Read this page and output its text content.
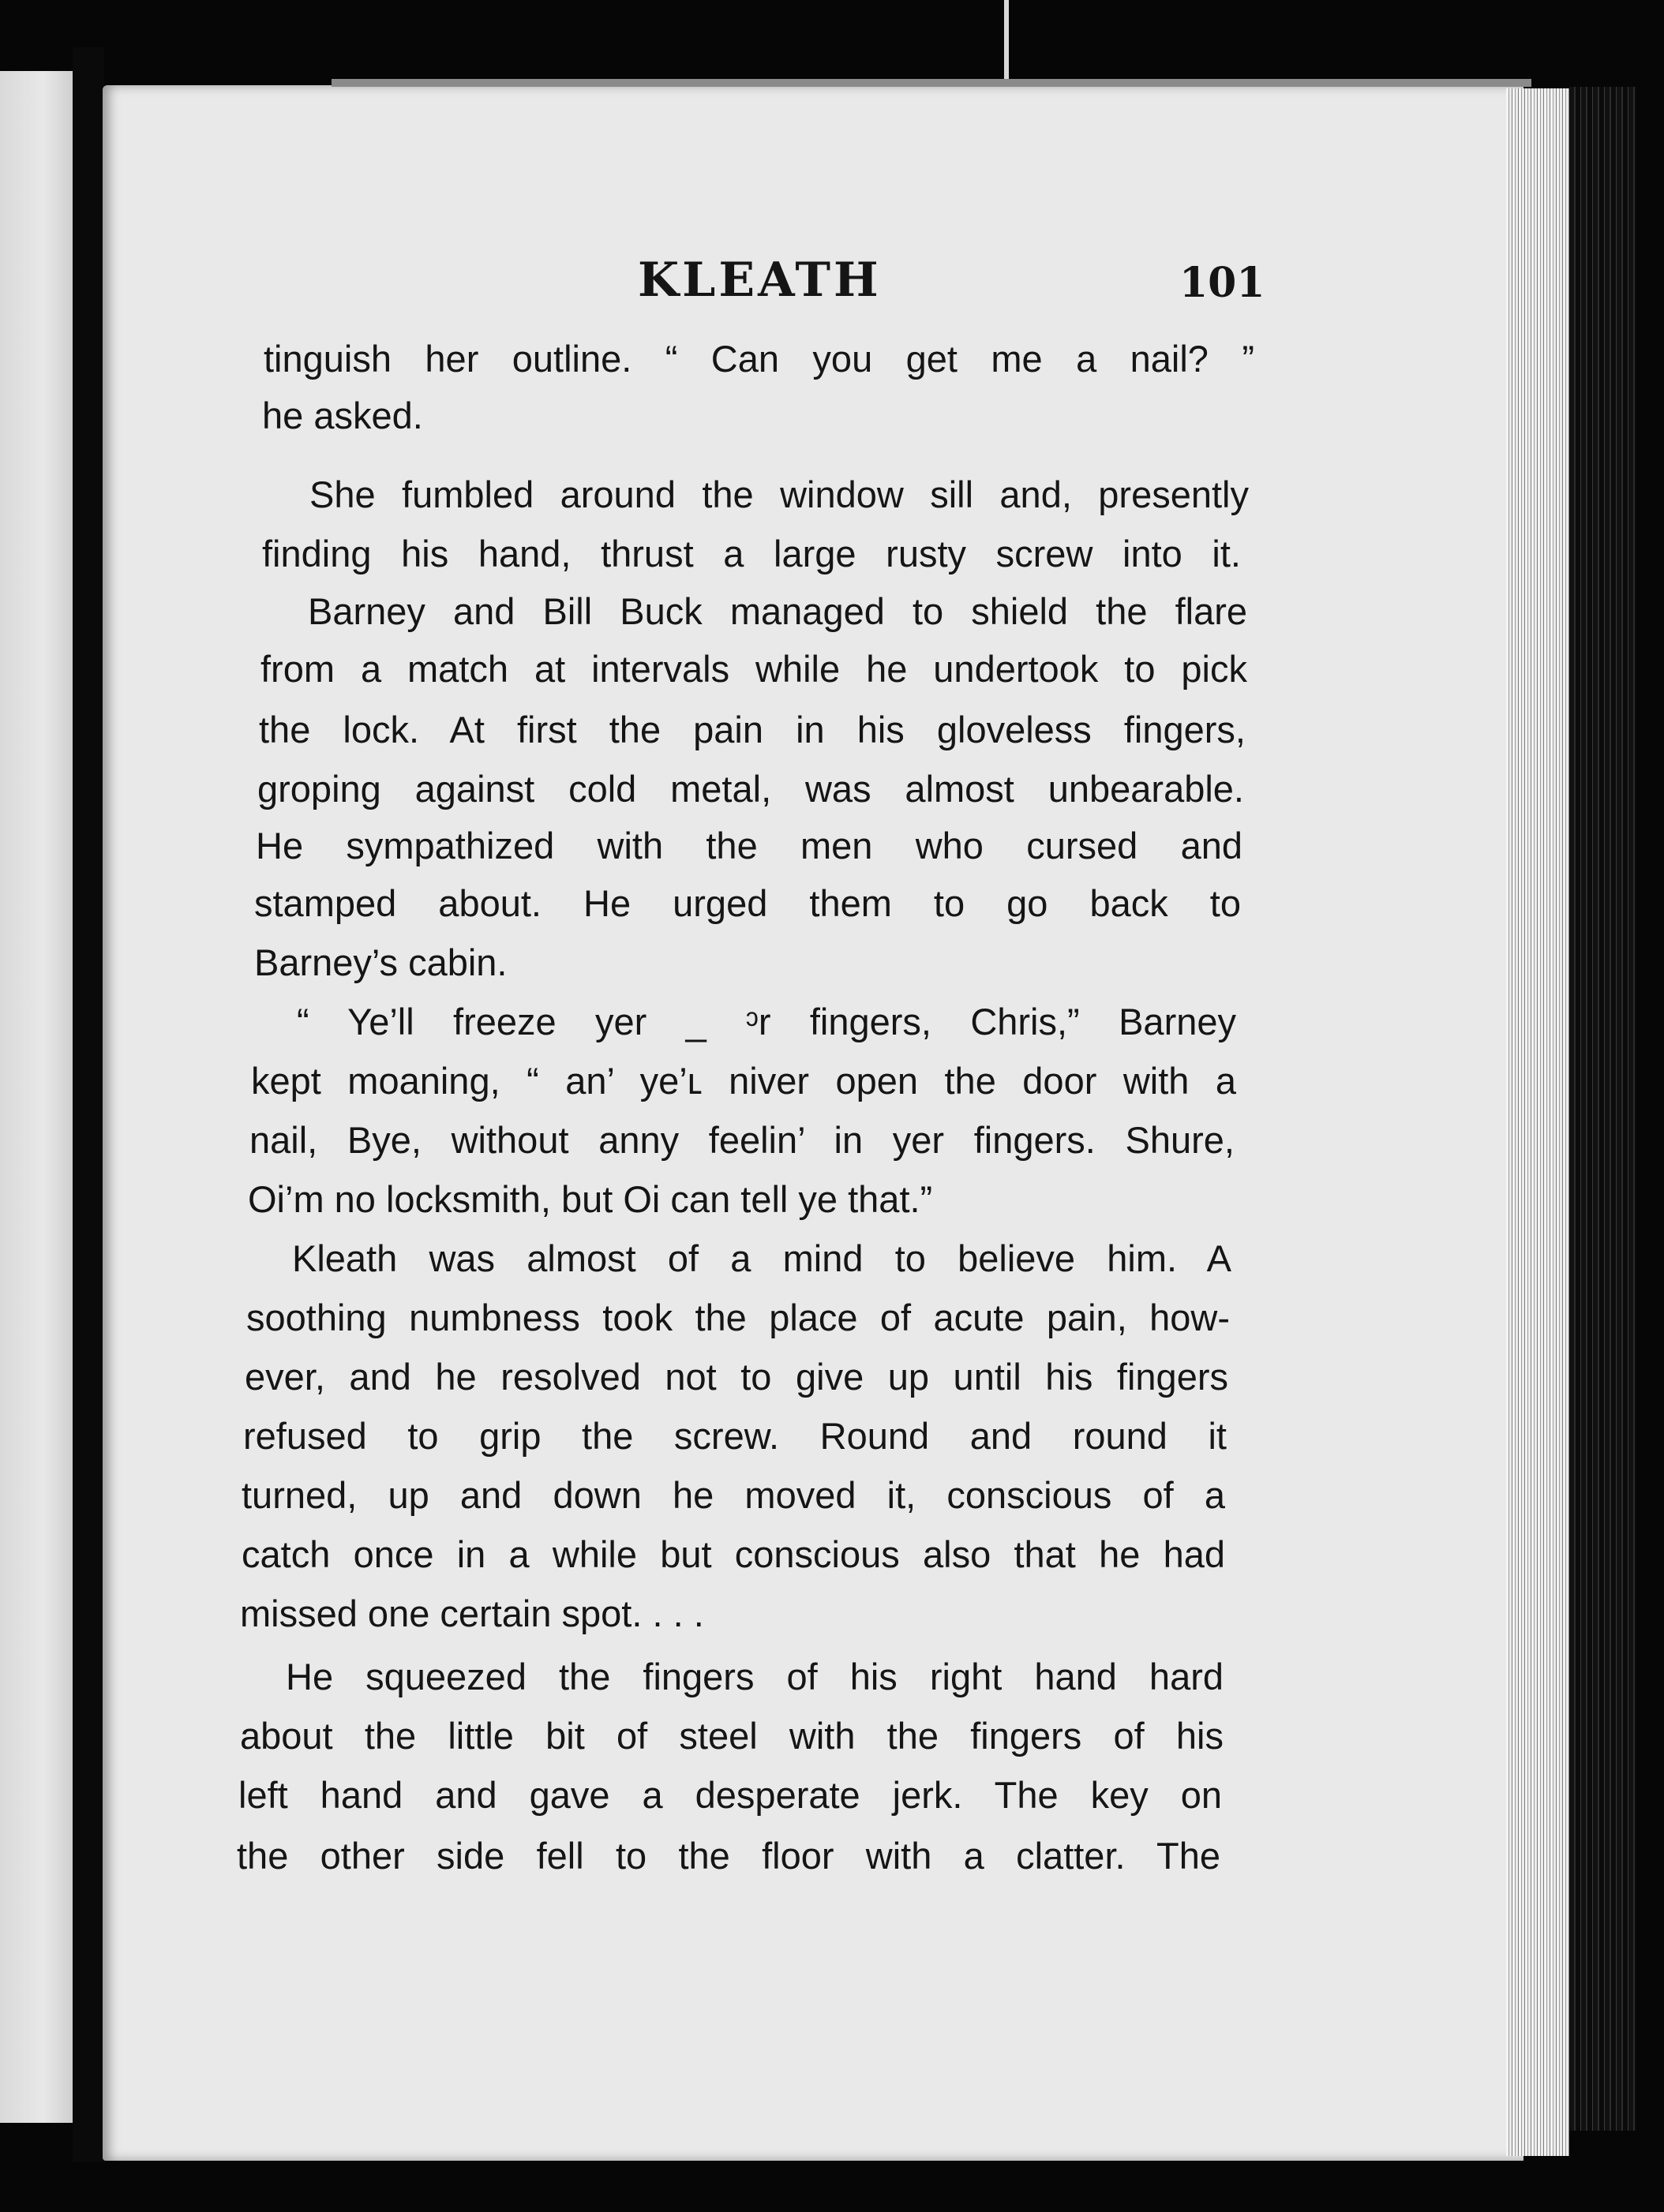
KLEATH	101
tinguish her outline. “ Can you get me a nail? ”
he asked.
She fumbled around the window sill and, presently
finding his hand, thrust a large rusty screw into it.
Barney and Bill Buck managed to shield the flare
from a match at intervals while he undertook to pick
the lock. At first the pain in his gloveless fingers,
groping against cold metal, was almost unbearable.
He sympathized with the men who cursed and
stamped about. He urged them to go back to
Barney’s cabin.
“ Ye’ll freeze yer _ ᵓr fingers, Chris,” Barney
kept moaning, “ an’ ye’ʟ niver open the door with a
nail, Bye, without anny feelin’ in yer fingers. Shure,
Oi’m no locksmith, but Oi can tell ye that.”
Kleath was almost of a mind to believe him. A
soothing numbness took the place of acute pain, how-
ever, and he resolved not to give up until his fingers
refused to grip the screw. Round and round it
turned, up and down he moved it, conscious of a
catch once in a while but conscious also that he had
missed one certain spot. . . .
He squeezed the fingers of his right hand hard
about the little bit of steel with the fingers of his
left hand and gave a desperate jerk. The key on
the other side fell to the floor with a clatter. The
